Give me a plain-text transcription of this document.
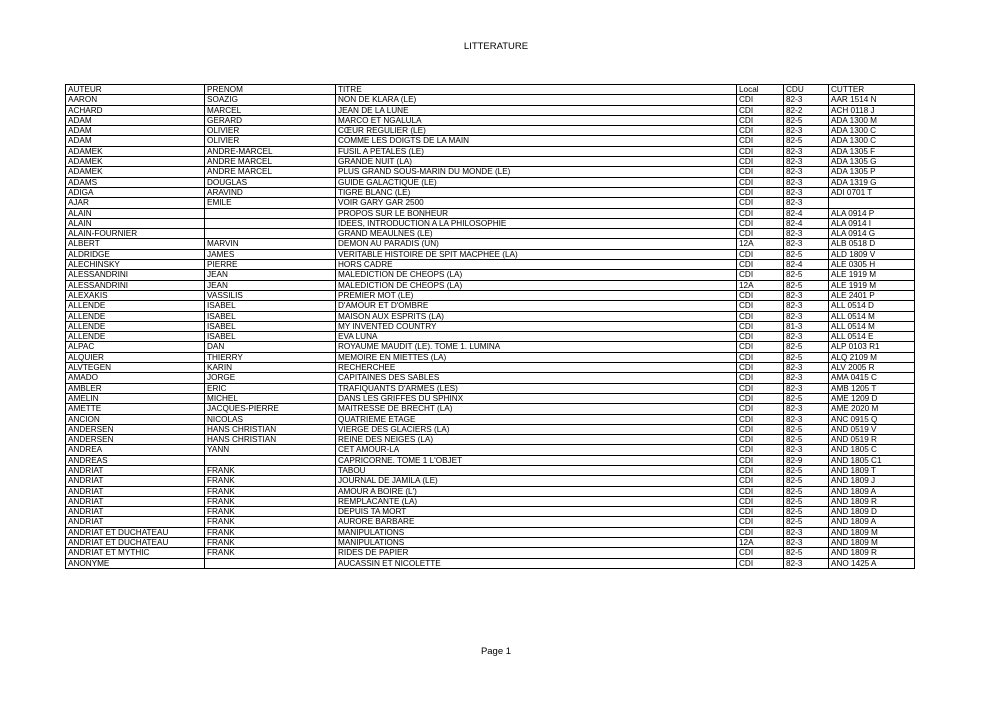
LITTERATURE
AUTEUR	PRENOM	TITRE	Local	CDU	CUTTER
AARON	SOAZIG	NON DE KLARA (LE)	CDI	82-3	AAR 1514 N
ACHARD	MARCEL	JEAN DE LA LUNE	CDI	82-2	ACH 0118 J
ADAM	GERARD	MARCO ET NGALULA	CDI	82-5	ADA 1300 M
ADAM	OLIVIER	CŒUR REGULIER (LE)	CDI	82-3	ADA 1300 C
ADAM	OLIVIER	COMME LES DOIGTS DE LA MAIN	CDI	82-5	ADA 1300 C
ADAMEK	ANDRE-MARCEL	FUSIL A PETALES (LE)	CDI	82-3	ADA 1305 F
ADAMEK	ANDRE MARCEL	GRANDE NUIT (LA)	CDI	82-3	ADA 1305 G
ADAMEK	ANDRE MARCEL	PLUS GRAND SOUS-MARIN DU MONDE (LE)	CDI	82-3	ADA 1305 P
ADAMS	DOUGLAS	GUIDE GALACTIQUE (LE)	CDI	82-3	ADA 1319 G
ADIGA	ARAVIND	TIGRE BLANC (LE)	CDI	82-3	ADI 0701 T
AJAR	EMILE	VOIR GARY GAR 2500	CDI	82-3	
ALAIN		PROPOS SUR LE BONHEUR	CDI	82-4	ALA 0914 P
ALAIN		IDEES, INTRODUCTION A LA PHILOSOPHIE	CDI	82-4	ALA 0914 I
ALAIN-FOURNIER		GRAND MEAULNES (LE)	CDI	82-3	ALA 0914 G
ALBERT	MARVIN	DEMON AU PARADIS (UN)	12A	82-3	ALB 0518 D
ALDRIDGE	JAMES	VERITABLE HISTOIRE DE SPIT MACPHEE (LA)	CDI	82-5	ALD 1809 V
ALECHINSKY	PIERRE	HORS CADRE	CDI	82-4	ALE 0305 H
ALESSANDRINI	JEAN	MALEDICTION DE CHEOPS (LA)	CDI	82-5	ALE 1919 M
ALESSANDRINI	JEAN	MALEDICTION DE CHEOPS (LA)	12A	82-5	ALE 1919 M
ALEXAKIS	VASSILIS	PREMIER MOT (LE)	CDI	82-3	ALE 2401 P
ALLENDE	ISABEL	D'AMOUR ET D'OMBRE	CDI	82-3	ALL 0514 D
ALLENDE	ISABEL	MAISON AUX ESPRITS (LA)	CDI	82-3	ALL 0514 M
ALLENDE	ISABEL	MY INVENTED COUNTRY	CDI	81-3	ALL 0514 M
ALLENDE	ISABEL	EVA LUNA	CDI	82-3	ALL 0514 E
ALPAC	DAN	ROYAUME MAUDIT (LE). TOME 1. LUMINA	CDI	82-5	ALP 0103 R1
ALQUIER	THIERRY	MEMOIRE EN MIETTES (LA)	CDI	82-5	ALQ 2109 M
ALVTEGEN	KARIN	RECHERCHEE	CDI	82-3	ALV 2005 R
AMADO	JORGE	CAPITAINES DES SABLES	CDI	82-3	AMA 0415 C
AMBLER	ERIC	TRAFIQUANTS D'ARMES (LES)	CDI	82-3	AMB 1205 T
AMELIN	MICHEL	DANS LES GRIFFES DU SPHINX	CDI	82-5	AME 1209 D
AMETTE	JACQUES-PIERRE	MAITRESSE DE BRECHT (LA)	CDI	82-3	AME 2020 M
ANCION	NICOLAS	QUATRIEME ETAGE	CDI	82-3	ANC 0915 Q
ANDERSEN	HANS CHRISTIAN	VIERGE DES GLACIERS (LA)	CDI	82-5	AND 0519 V
ANDERSEN	HANS CHRISTIAN	REINE DES NEIGES (LA)	CDI	82-5	AND 0519 R
ANDREA	YANN	CET AMOUR-LA	CDI	82-3	AND 1805 C
ANDREAS		CAPRICORNE. TOME 1 L'OBJET	CDI	82-9	AND 1805 C1
ANDRIAT	FRANK	TABOU	CDI	82-5	AND 1809 T
ANDRIAT	FRANK	JOURNAL DE JAMILA (LE)	CDI	82-5	AND 1809 J
ANDRIAT	FRANK	AMOUR A BOIRE (L')	CDI	82-5	AND 1809 A
ANDRIAT	FRANK	REMPLACANTE (LA)	CDI	82-5	AND 1809 R
ANDRIAT	FRANK	DEPUIS TA MORT	CDI	82-5	AND 1809 D
ANDRIAT	FRANK	AURORE BARBARE	CDI	82-5	AND 1809 A
ANDRIAT ET DUCHATEAU	FRANK	MANIPULATIONS	CDI	82-3	AND 1809 M
ANDRIAT ET DUCHATEAU	FRANK	MANIPULATIONS	12A	82-3	AND 1809 M
ANDRIAT ET MYTHIC	FRANK	RIDES DE PAPIER	CDI	82-5	AND 1809 R
ANONYME		AUCASSIN ET NICOLETTE	CDI	82-3	ANO 1425 A
Page 1
